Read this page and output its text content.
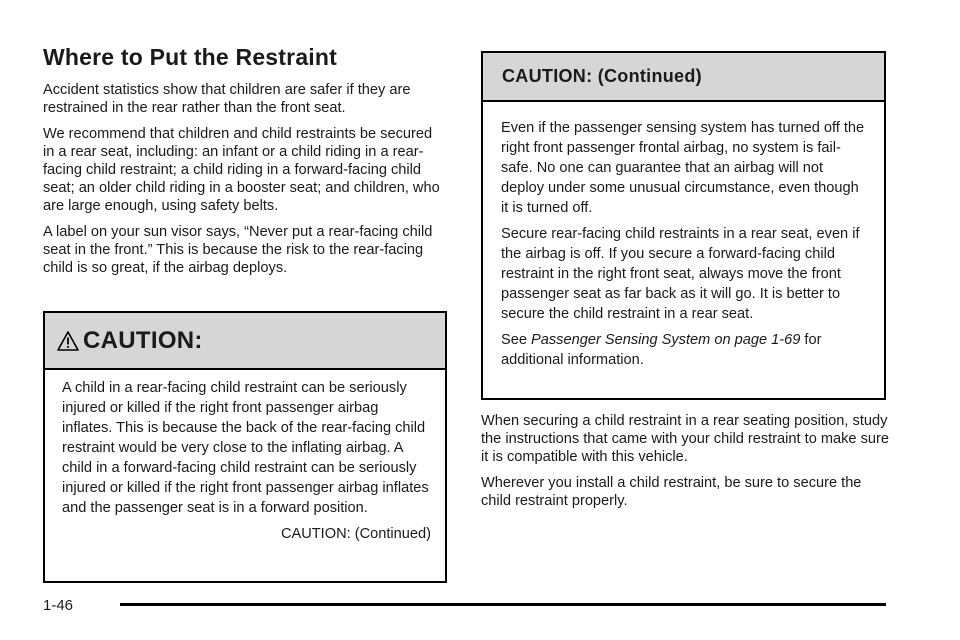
Where to Put the Restraint

Accident statistics show that children are safer if they are restrained in the rear rather than the front seat.

We recommend that children and child restraints be secured in a rear seat, including: an infant or a child riding in a rear-facing child restraint; a child riding in a forward-facing child seat; an older child riding in a booster seat; and children, who are large enough, using safety belts.

A label on your sun visor says, “Never put a rear-facing child seat in the front.” This is because the risk to the rear-facing child is so great, if the airbag deploys.

CAUTION:

A child in a rear-facing child restraint can be seriously injured or killed if the right front passenger airbag inflates. This is because the back of the rear-facing child restraint would be very close to the inflating airbag. A child in a forward-facing child restraint can be seriously injured or killed if the right front passenger airbag inflates and the passenger seat is in a forward position.

CAUTION: (Continued)

CAUTION: (Continued)

Even if the passenger sensing system has turned off the right front passenger frontal airbag, no system is fail-safe. No one can guarantee that an airbag will not deploy under some unusual circumstance, even though it is turned off.

Secure rear-facing child restraints in a rear seat, even if the airbag is off. If you secure a forward-facing child restraint in the right front seat, always move the front passenger seat as far back as it will go. It is better to secure the child restraint in a rear seat.

See Passenger Sensing System on page 1-69 for additional information.

When securing a child restraint in a rear seating position, study the instructions that came with your child restraint to make sure it is compatible with this vehicle.

Wherever you install a child restraint, be sure to secure the child restraint properly.

1-46
